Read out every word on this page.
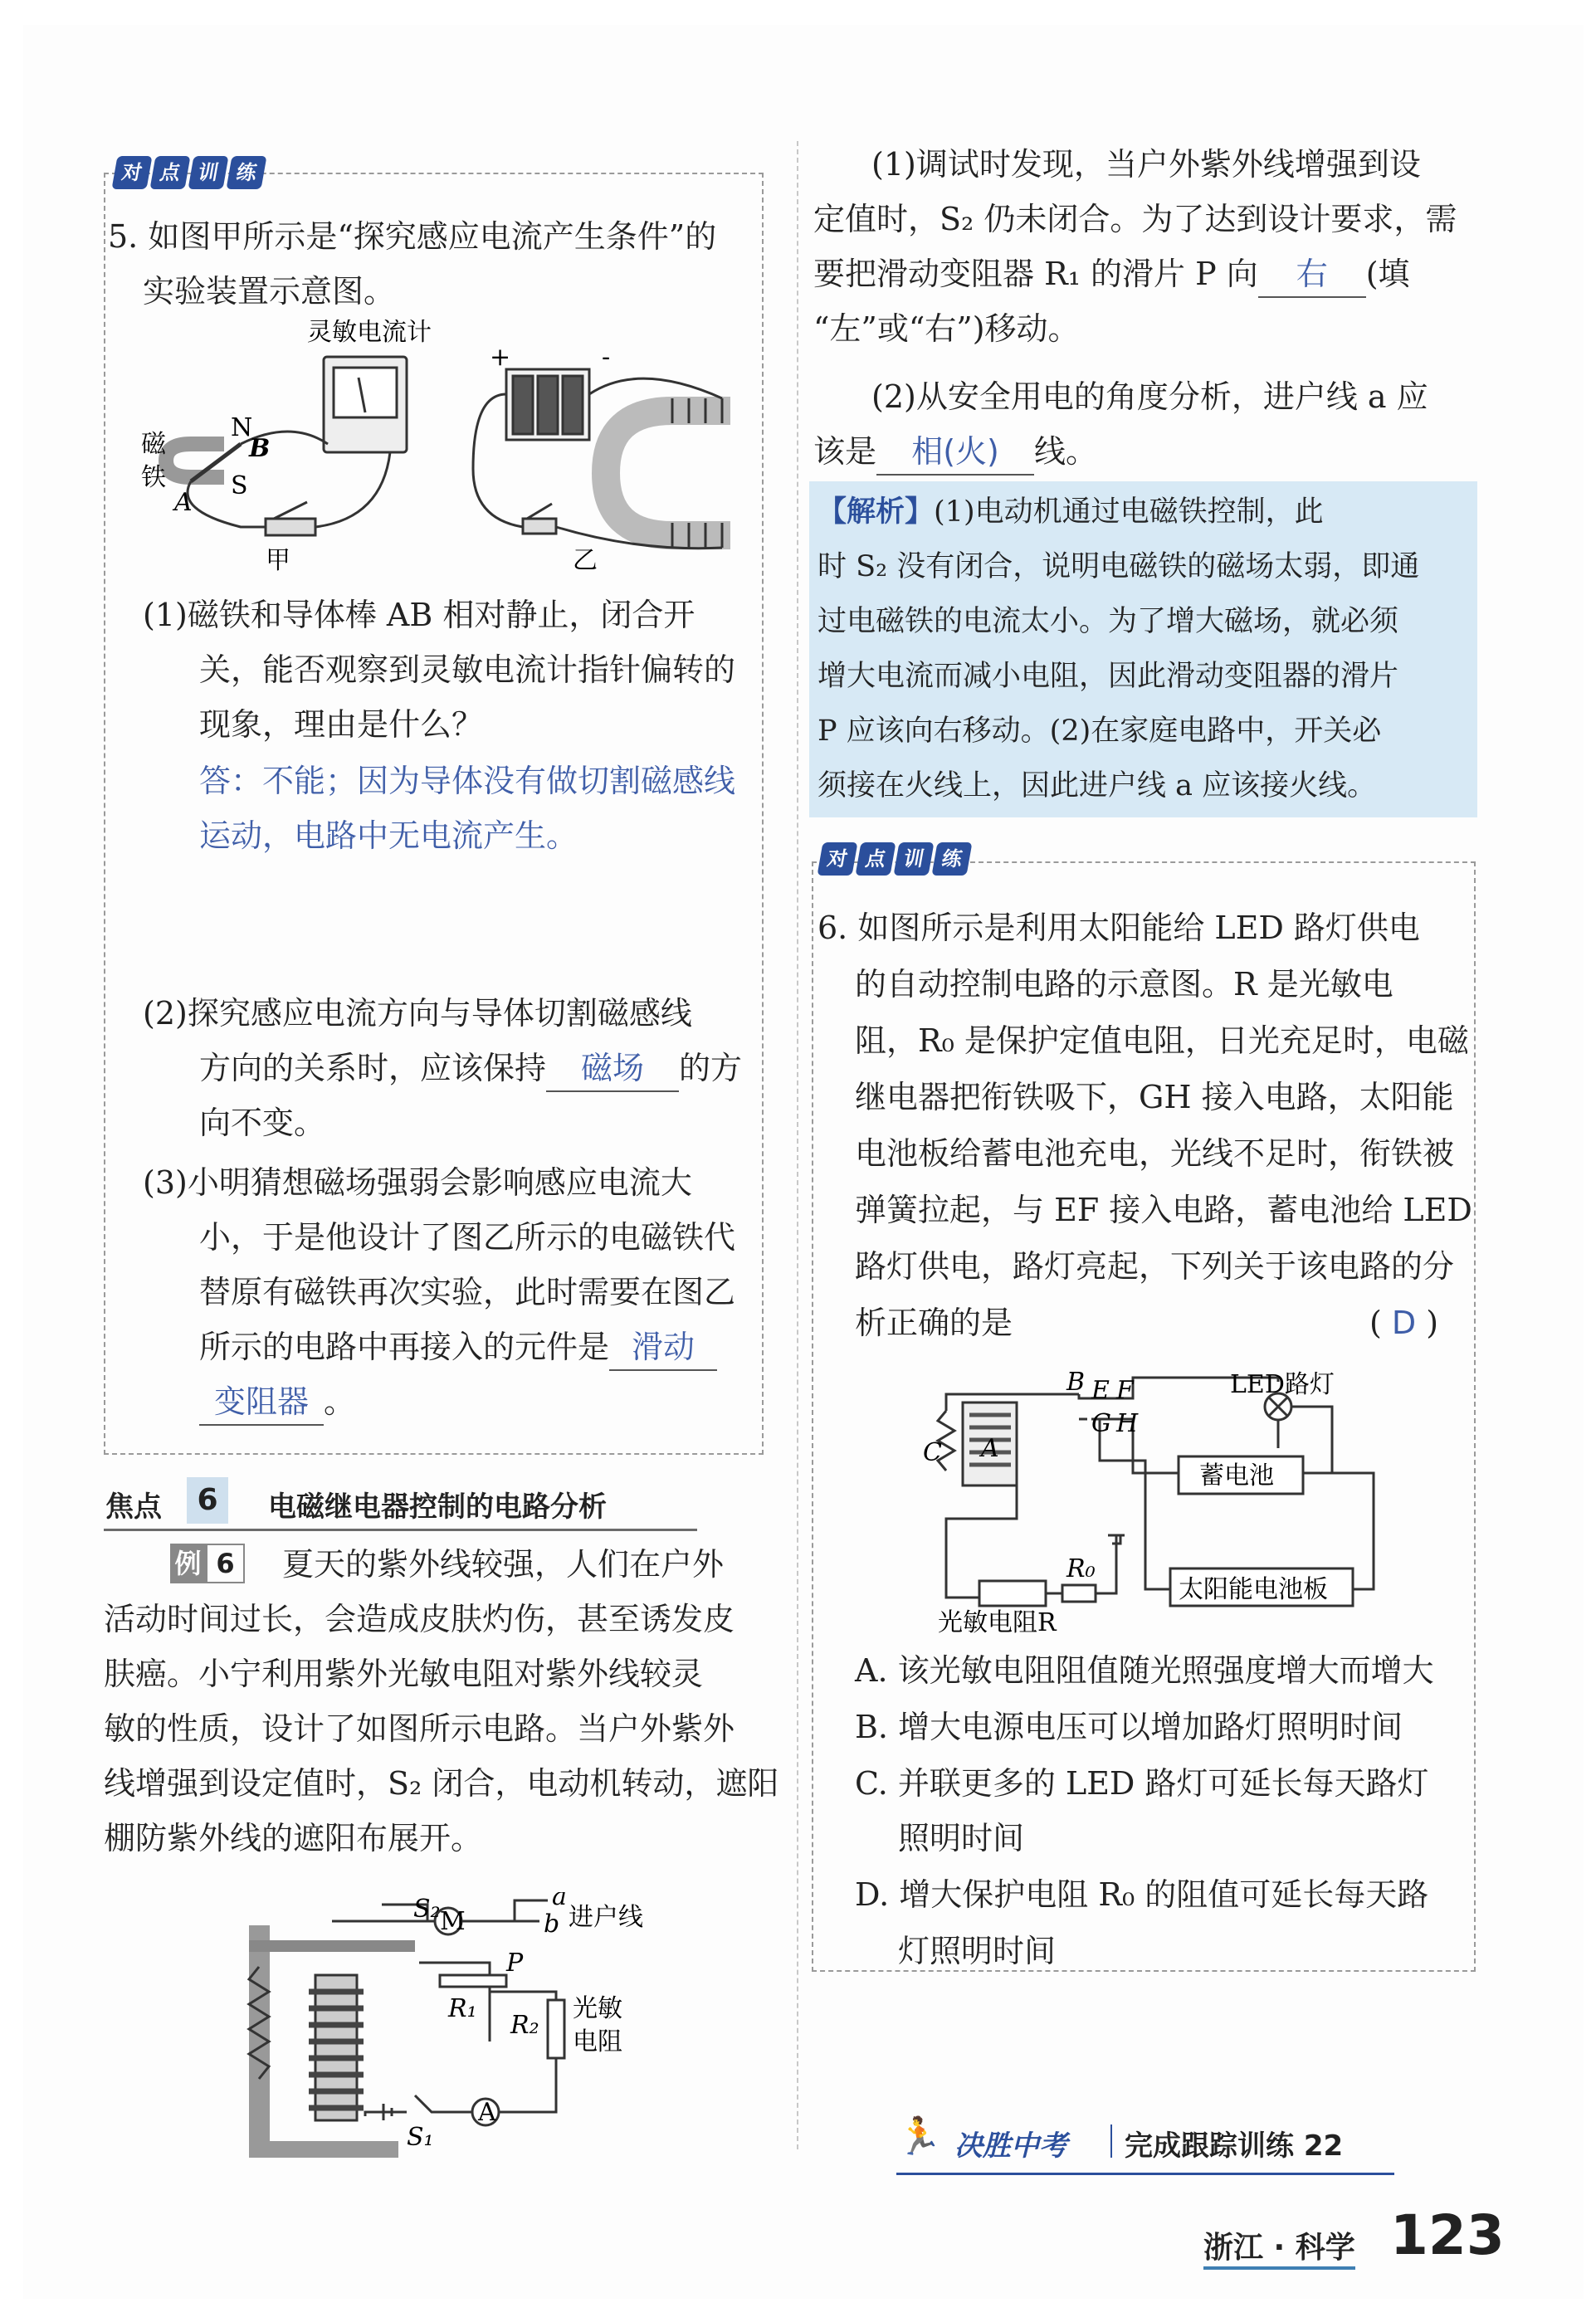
对 点 训 练
5. 如图甲所示是“探究感应电流产生条件”的
实验装置示意图。
灵敏电流计
+	-
磁
铁
N
S
B
A
甲	乙
(1)磁铁和导体棒 AB 相对静止，闭合开
关，能否观察到灵敏电流计指针偏转的
现象，理由是什么？
答：不能；因为导体没有做切割磁感线
运动，电路中无电流产生。
(2)探究感应电流方向与导体切割磁感线
方向的关系时，应该保持 磁场 的方
向不变。
(3)小明猜想磁场强弱会影响感应电流大
小，于是他设计了图乙所示的电磁铁代
替原有磁铁再次实验，此时需要在图乙
所示的电路中再接入的元件是 滑动
变阻器 。
焦点	6	电磁继电器控制的电路分析
例 6	夏天的紫外线较强，人们在户外
活动时间过长，会造成皮肤灼伤，甚至诱发皮
肤癌。小宁利用紫外光敏电阻对紫外线较灵
敏的性质，设计了如图所示电路。当户外紫外
线增强到设定值时，S₂ 闭合，电动机转动，遮阳
棚防紫外线的遮阳布展开。
S₂ M
a
b 进户线
P
R₁
R₂
光敏
电阻
A
S₁
(1)调试时发现，当户外紫外线增强到设
定值时，S₂ 仍未闭合。为了达到设计要求，需
要把滑动变阻器 R₁ 的滑片 P 向 右 (填
“左”或“右”)移动。
(2)从安全用电的角度分析，进户线 a 应
该是 相(火) 线。
【解析】(1)电动机通过电磁铁控制，此
时 S₂ 没有闭合，说明电磁铁的磁场太弱，即通
过电磁铁的电流太小。为了增大磁场，就必须
增大电流而减小电阻，因此滑动变阻器的滑片
P 应该向右移动。(2)在家庭电路中，开关必
须接在火线上，因此进户线 a 应该接火线。
对 点 训 练
6. 如图所示是利用太阳能给 LED 路灯供电
的自动控制电路的示意图。R 是光敏电
阻，R₀ 是保护定值电阻，日光充足时，电磁
继电器把衔铁吸下，GH 接入电路，太阳能
电池板给蓄电池充电，光线不足时，衔铁被
弹簧拉起，与 EF 接入电路，蓄电池给 LED
路灯供电，路灯亮起，下列关于该电路的分
析正确的是	( D )
B E F
G H
C A
LED路灯
蓄电池
太阳能电池板
R₀
光敏电阻R
A. 该光敏电阻阻值随光照强度增大而增大
B. 增大电源电压可以增加路灯照明时间
C. 并联更多的 LED 路灯可延长每天路灯
照明时间
D. 增大保护电阻 R₀ 的阻值可延长每天路
灯照明时间
🏃 决胜中考 完成跟踪训练 22
浙江 · 科学 123
